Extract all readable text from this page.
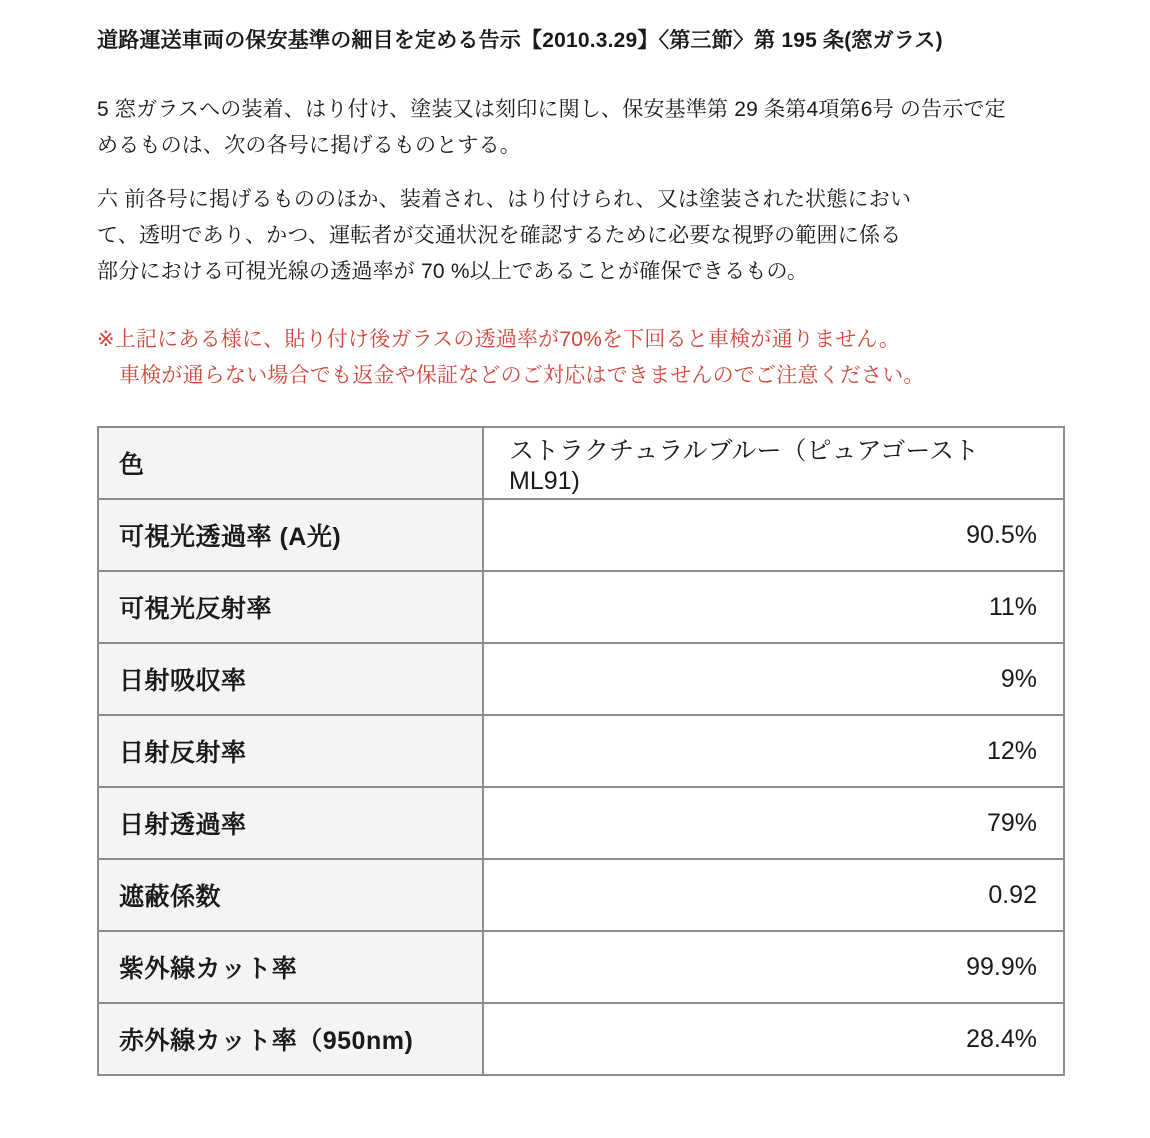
道路運送車両の保安基準の細目を定める告示【2010.3.29】〈第三節〉第 195 条(窓ガラス)
5 窓ガラスへの装着、はり付け、塗装又は刻印に関し、保安基準第 29 条第4項第6号 の告示で定
めるものは、次の各号に掲げるものとする。
六 前各号に掲げるもののほか、装着され、はり付けられ、又は塗装された状態におい
て、透明であり、かつ、運転者が交通状況を確認するために必要な視野の範囲に係る
部分における可視光線の透過率が 70 %以上であることが確保できるもの。
※上記にある様に、貼り付け後ガラスの透過率が70%を下回ると車検が通りません。
車検が通らない場合でも返金や保証などのご対応はできませんのでご注意ください。
色	ストラクチュラルブルー（ピュアゴーストML91)
可視光透過率 (A光)	90.5%
可視光反射率	11%
日射吸収率	9%
日射反射率	12%
日射透過率	79%
遮蔽係数	0.92
紫外線カット率	99.9%
赤外線カット率（950nm)	28.4%
